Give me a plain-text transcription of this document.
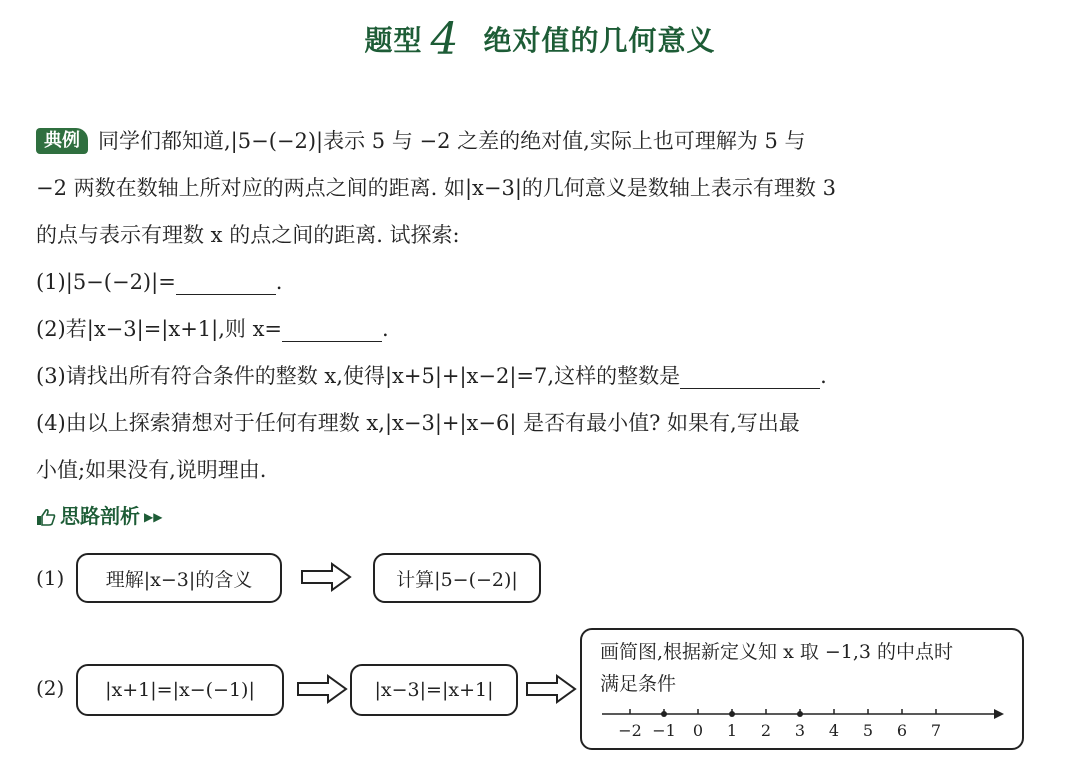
题型 4 绝对值的几何意义
典例 同学们都知道,|5−(−2)|表示 5 与 −2 之差的绝对值,实际上也可理解为 5 与
−2 两数在数轴上所对应的两点之间的距离. 如|x−3|的几何意义是数轴上表示有理数 3
的点与表示有理数 x 的点之间的距离. 试探索:
(1)|5−(−2)|=	.
(2)若|x−3|=|x+1|,则 x=	.
(3)请找出所有符合条件的整数 x,使得|x+5|+|x−2|=7,这样的整数是	.
(4)由以上探索猜想对于任何有理数 x,|x−3|+|x−6| 是否有最小值? 如果有,写出最
小值;如果没有,说明理由.
思路剖析 ▶▶
(1) 理解|x−3|的含义	计算|5−(−2)|
(2) |x+1|=|x−(−1)|	|x−3|=|x+1|
画简图,根据新定义知 x 取 −1,3 的中点时
满足条件
−2 −1 0 1 2 3 4 5 6 7
